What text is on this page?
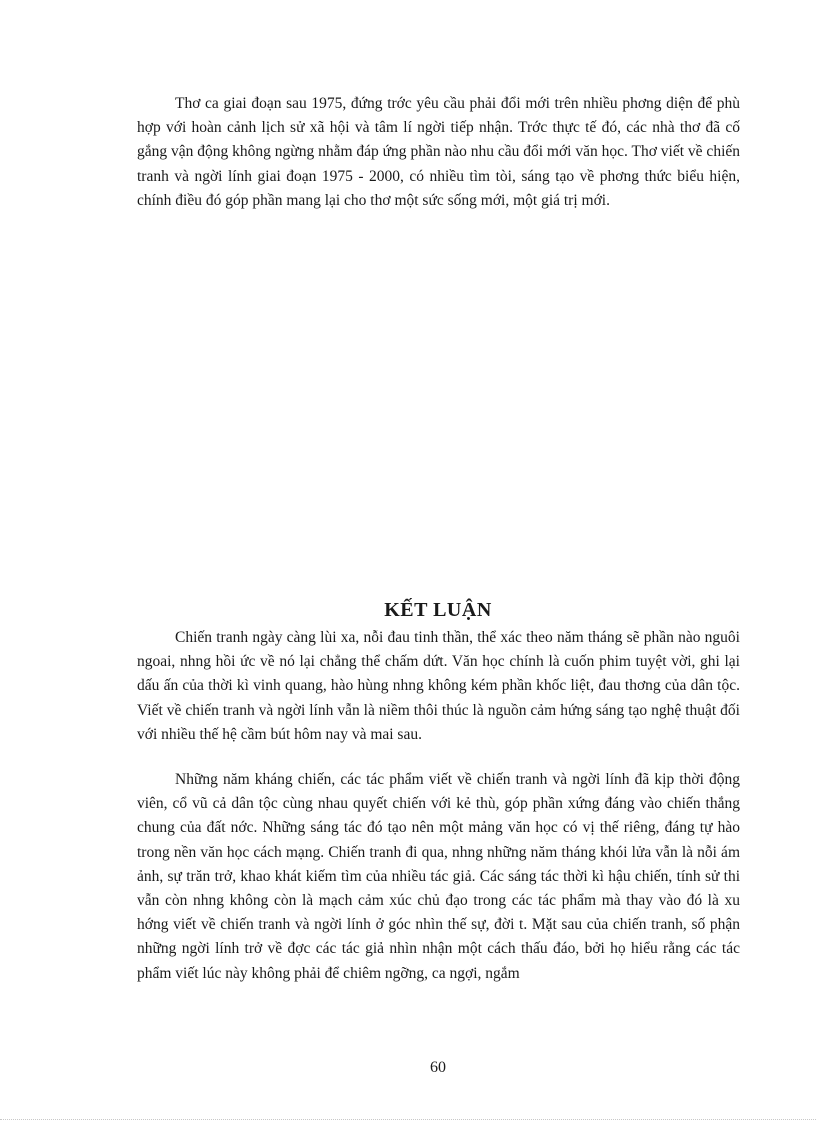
Thơ ca giai đoạn sau 1975, đứng trớc yêu cầu phải đổi mới trên nhiều phơng diện để phù hợp với hoàn cảnh lịch sử xã hội và tâm lí ngời tiếp nhận. Trớc thực tế đó, các nhà thơ đã cố gắng vận động không ngừng nhằm đáp ứng phần nào nhu cầu đổi mới văn học. Thơ viết về chiến tranh và ngời lính giai đoạn 1975 - 2000, có nhiều tìm tòi, sáng tạo về phơng thức biểu hiện, chính điều đó góp phần mang lại cho thơ một sức sống mới, một giá trị mới.

KẾT LUẬN

Chiến tranh ngày càng lùi xa, nỗi đau tinh thần, thể xác theo năm tháng sẽ phần nào nguôi ngoai, nhng hồi ức về nó lại chẳng thể chấm dứt. Văn học chính là cuốn phim tuyệt vời, ghi lại dấu ấn của thời kì vinh quang, hào hùng nhng không kém phần khốc liệt, đau thơng của dân tộc. Viết về chiến tranh và ngời lính vẫn là niềm thôi thúc là nguồn cảm hứng sáng tạo nghệ thuật đối với nhiều thế hệ cầm bút hôm nay và mai sau.

Những năm kháng chiến, các tác phẩm viết về chiến tranh và ngời lính đã kịp thời động viên, cổ vũ cả dân tộc cùng nhau quyết chiến với kẻ thù, góp phần xứng đáng vào chiến thắng chung của đất nớc. Những sáng tác đó tạo nên một mảng văn học có vị thế riêng, đáng tự hào trong nền văn học cách mạng. Chiến tranh đi qua, nhng những năm tháng khói lửa vẫn là nỗi ám ảnh, sự trăn trở, khao khát kiếm tìm của nhiều tác giả. Các sáng tác thời kì hậu chiến, tính sử thi vẫn còn nhng không còn là mạch cảm xúc chủ đạo trong các tác phẩm mà thay vào đó là xu hớng viết về chiến tranh và ngời lính ở góc nhìn thế sự, đời t. Mặt sau của chiến tranh, số phận những ngời lính trở về đợc các tác giả nhìn nhận một cách thấu đáo, bởi họ hiểu rằng các tác phẩm viết lúc này không phải để chiêm ngỡng, ca ngợi, ngắm

60
